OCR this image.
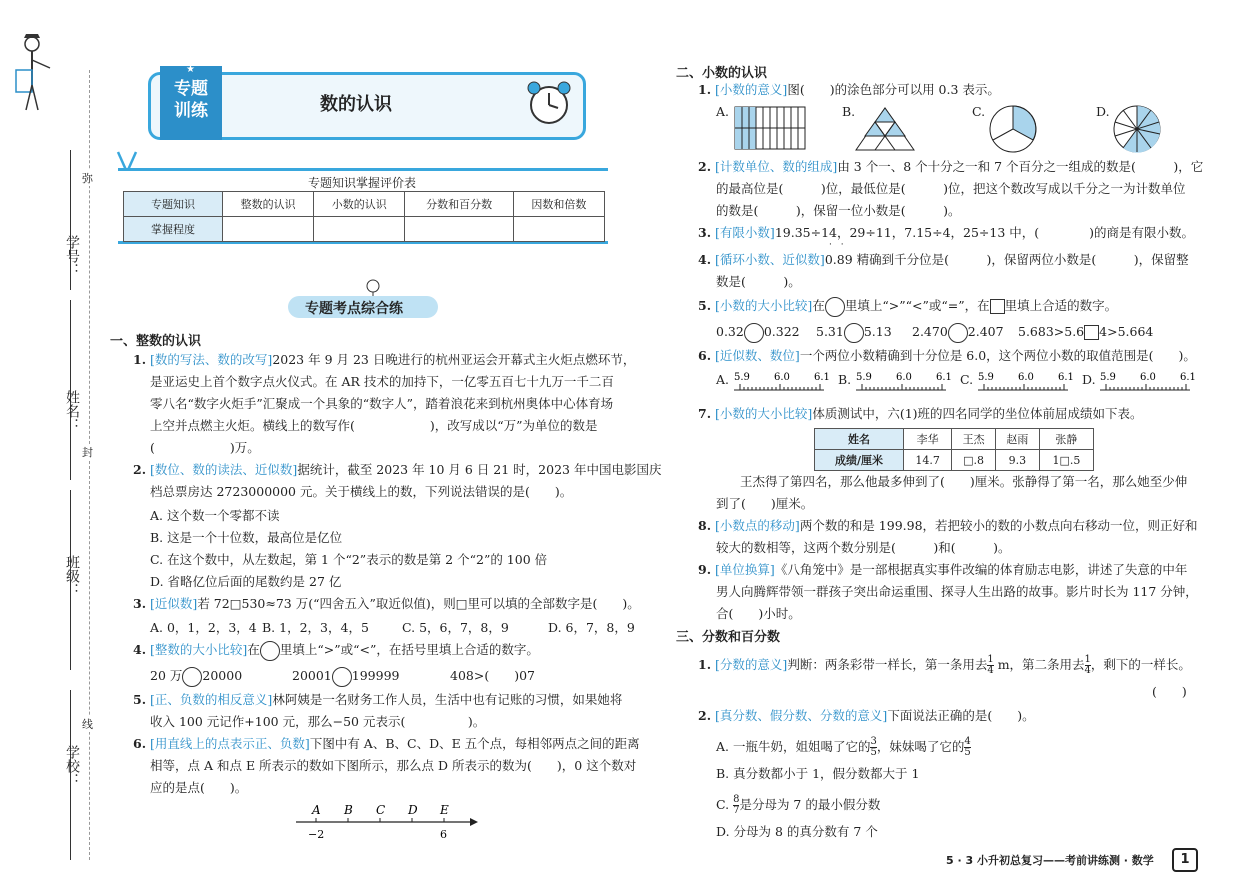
学号：
姓名：
班级：
学校：
弥
封
线
专题
训练
★
数的认识
专题知识掌握评价表
专题知识	整数的认识	小数的认识	分数和百分数	因数和倍数
掌握程度				
专题考点综合练
一、整数的认识
1. [数的写法、数的改写]2023 年 9 月 23 日晚进行的杭州亚运会开幕式主火炬点燃环节，
是亚运史上首个数字点火仪式。在 AR 技术的加持下，一亿零五百七十九万一千二百
零八名“数字火炬手”汇聚成一个具象的“数字人”，踏着浪花来到杭州奥体中心体育场
上空并点燃主火炬。横线上的数写作(　　　　　　)，改写成以“万”为单位的数是
(　　　　　　)万。
2. [数位、数的读法、近似数]据统计，截至 2023 年 10 月 6 日 21 时，2023 年中国电影国庆
档总票房达 2723000000 元。关于横线上的数，下列说法错误的是(　　)。
A. 这个数一个零都不读
B. 这是一个十位数，最高位是亿位
C. 在这个数中，从左数起，第 1 个“2”表示的数是第 2 个“2”的 100 倍
D. 省略亿位后面的尾数约是 27 亿
3. [近似数]若 72□530≈73 万(“四舍五入”取近似值)，则□里可以填的全部数字是(　　)。
A. 0，1，2，3，4 B. 1，2，3，4，5	C. 5，6，7，8，9	D. 6，7，8，9
4. [整数的大小比较]在 里填上“>”或“<”，在括号里填上合适的数字。
20 万 20000	20001 199999	408>(　　)07
5. [正、负数的相反意义]林阿姨是一名财务工作人员，生活中也有记账的习惯，如果她将
收入 100 元记作+100 元，那么−50 元表示(　　　　　)。
6. [用直线上的点表示正、负数]下图中有 A、B、C、D、E 五个点，每相邻两点之间的距离
相等，点 A 和点 E 所表示的数如下图所示，那么点 D 所表示的数为(　　)，0 这个数对
应的是点(　　)。
A B C D E
−2	6
二、小数的认识
1. [小数的意义]图(　　)的涂色部分可以用 0.3 表示。
A.	B.	C.	D.
2. [计数单位、数的组成]由 3 个一、8 个十分之一和 7 个百分之一组成的数是(　　　)，它
的最高位是(　　　)位，最低位是(　　　)位，把这个数改写成以千分之一为计数单位
的数是(　　　)，保留一位小数是(　　　)。
3. [有限小数]19.35÷14，29÷11，7.15÷4，25÷13 中，(　　　　)的商是有限小数。
4. [循环小数、近似数]0.89 精确到千分位是(　　　)，保留两位小数是(　　　)，保留整
· ·
数是(　　　)。
5. [小数的大小比较]在 里填上“>”“<”或“=”，在 里填上合适的数字。
0.32 0.322 5.31 5.13 2.470 2.407 5.683>5.6 4>5.664
6. [近似数、数位]一个两位小数精确到十分位是 6.0，这个两位小数的取值范围是(　　)。
A.	B.	C.	D.
5.9 6.0 6.1	5.9 6.0 6.1	5.9 6.0 6.1	5.9 6.0 6.1
7. [小数的大小比较]体质测试中，六(1)班的四名同学的坐位体前屈成绩如下表。
姓名	李华	王杰	赵雨	张静
成绩/厘米	14.7	□.8	9.3	1□.5
王杰得了第四名，那么他最多伸到了(　　)厘米。张静得了第一名，那么她至少伸
到了(　　)厘米。
8. [小数点的移动]两个数的和是 199.98，若把较小的数的小数点向右移动一位，则正好和
较大的数相等，这两个数分别是(　　　)和(　　　)。
9. [单位换算]《八角笼中》是一部根据真实事件改编的体育励志电影，讲述了失意的中年
男人向腾辉带领一群孩子突出命运重围、探寻人生出路的故事。影片时长为 117 分钟，
合(　　)小时。
三、分数和百分数
1. [分数的意义]判断：两条彩带一样长，第一条用去 $\frac{1}{4}$ m，第二条用去 $\frac{1}{4}$ ，剩下的一样长。
(　　)
2. [真分数、假分数、分数的意义]下面说法正确的是(　　)。
A. 一瓶牛奶，姐姐喝了它的 $\frac{3}{5}$ ，妹妹喝了它的 $\frac{4}{5}$
B. 真分数都小于 1，假分数都大于 1
C. $\frac{8}{7}$ 是分母为 7 的最小假分数
D. 分母为 8 的真分数有 7 个
5 · 3 小升初总复习——考前讲练测 · 数学	1
